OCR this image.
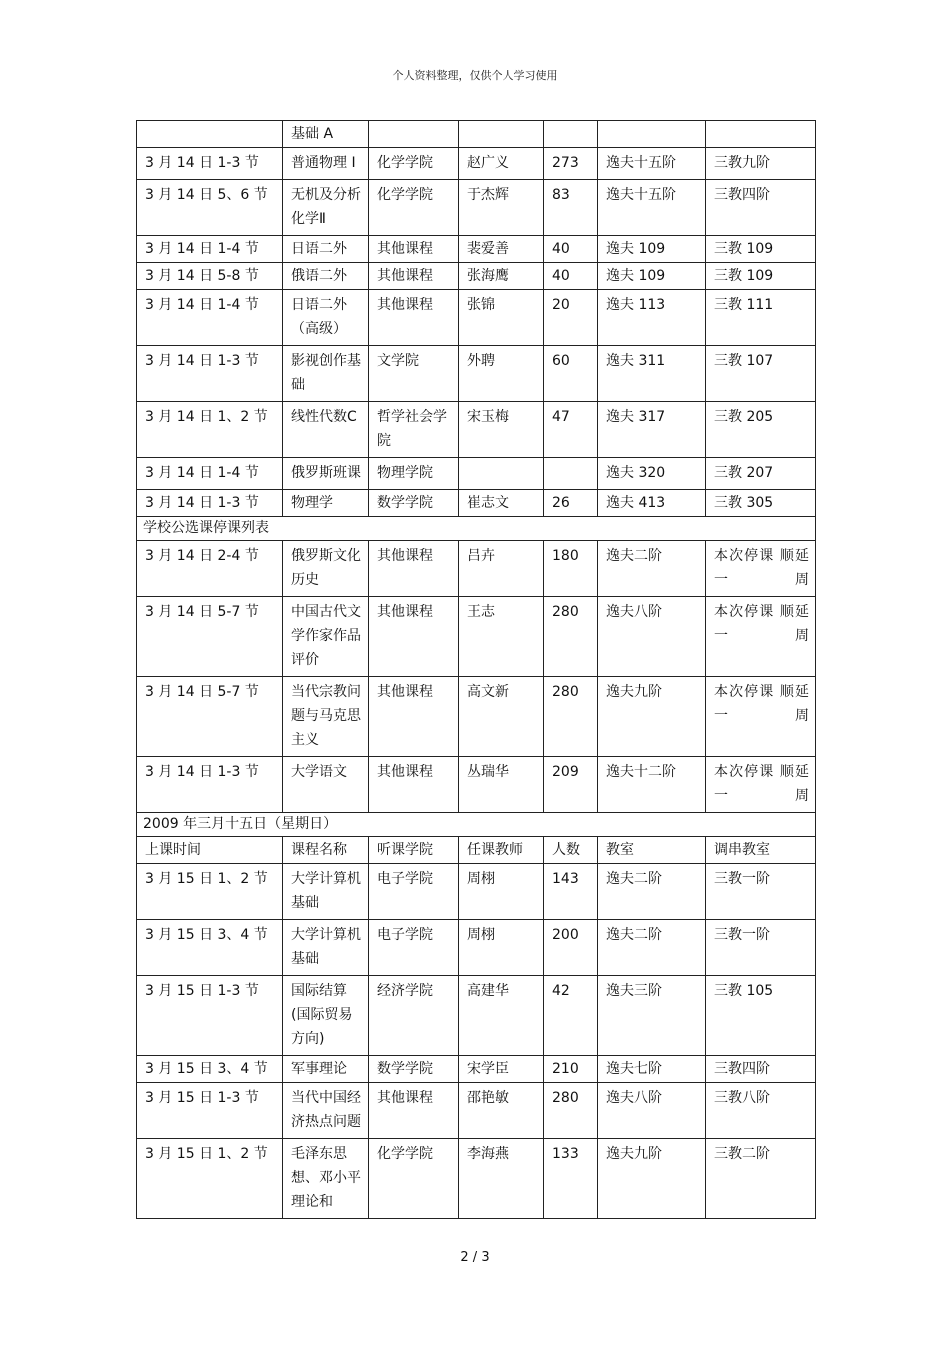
个人资料整理，仅供个人学习使用
	基础 A					
3 月 14 日 1-3 节	普通物理 Ⅰ	化学学院	赵广义	273	逸夫十五阶	三教九阶
3 月 14 日 5、6 节	无机及分析化学Ⅱ	化学学院	于杰辉	83	逸夫十五阶	三教四阶
3 月 14 日 1-4 节	日语二外	其他课程	裴爱善	40	逸夫 109	三教 109
3 月 14 日 5-8 节	俄语二外	其他课程	张海鹰	40	逸夫 109	三教 109
3 月 14 日 1-4 节	日语二外（高级）	其他课程	张锦	20	逸夫 113	三教 111
3 月 14 日 1-3 节	影视创作基础	文学院	外聘	60	逸夫 311	三教 107
3 月 14 日 1、2 节	线性代数C	哲学社会学院	宋玉梅	47	逸夫 317	三教 205
3 月 14 日 1-4 节	俄罗斯班课	物理学院			逸夫 320	三教 207
3 月 14 日 1-3 节	物理学	数学学院	崔志文	26	逸夫 413	三教 305
学校公选课停课列表						
3 月 14 日 2-4 节	俄罗斯文化历史	其他课程	吕卉	180	逸夫二阶	本次停课 顺延一周
3 月 14 日 5-7 节	中国古代文学作家作品评价	其他课程	王志	280	逸夫八阶	本次停课 顺延一周
3 月 14 日 5-7 节	当代宗教问题与马克思主义	其他课程	高文新	280	逸夫九阶	本次停课 顺延一周
3 月 14 日 1-3 节	大学语文	其他课程	丛瑞华	209	逸夫十二阶	本次停课 顺延一周
2009 年三月十五日（星期日）						
上课时间	课程名称	听课学院	任课教师	人数	教室	调串教室
3 月 15 日 1、2 节	大学计算机基础	电子学院	周栩	143	逸夫二阶	三教一阶
3 月 15 日 3、4 节	大学计算机基础	电子学院	周栩	200	逸夫二阶	三教一阶
3 月 15 日 1-3 节	国际结算(国际贸易方向)	经济学院	高建华	42	逸夫三阶	三教 105
3 月 15 日 3、4 节	军事理论	数学学院	宋学臣	210	逸夫七阶	三教四阶
3 月 15 日 1-3 节	当代中国经济热点问题	其他课程	邵艳敏	280	逸夫八阶	三教八阶
3 月 15 日 1、2 节	毛泽东思想、邓小平理论和	化学学院	李海燕	133	逸夫九阶	三教二阶
2 / 3
